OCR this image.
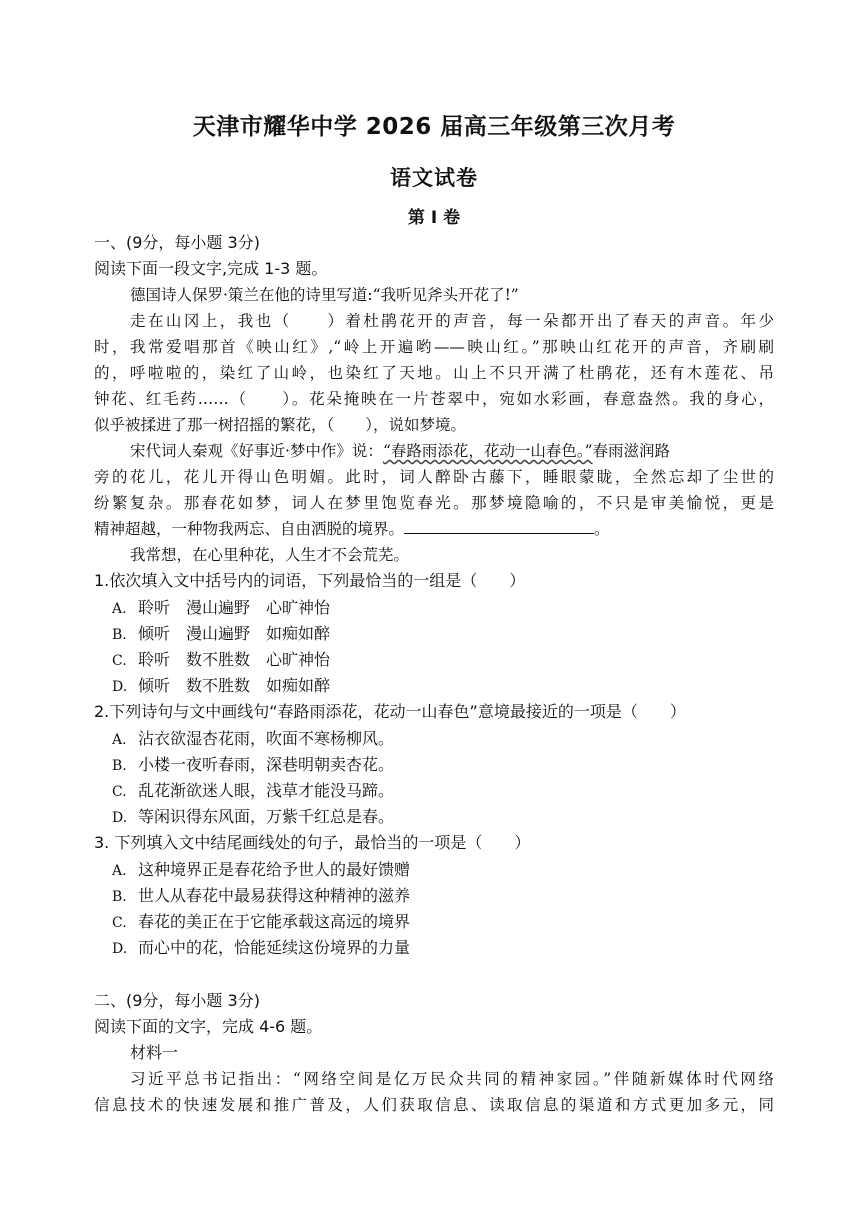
天津市耀华中学 2026 届高三年级第三次月考
语文试卷
第 I 卷
一、(9分，每小题 3分)
阅读下面一段文字,完成 1-3 题。
德国诗人保罗·策兰在他的诗里写道:“我听见斧头开花了!”
走在山冈上，我也（　　）着杜鹃花开的声音，每一朵都开出了春天的声音。年少
时，我常爱唱那首《映山红》,“岭上开遍哟——映山红。”那映山红花开的声音，齐刷刷
的，呼啦啦的，染红了山岭，也染红了天地。山上不只开满了杜鹃花，还有木莲花、吊
钟花、红毛药……（　　）。花朵掩映在一片苍翠中，宛如水彩画，春意盎然。我的身心，
似乎被揉进了那一树招摇的繁花，（　　），说如梦境。
宋代词人秦观《好事近·梦中作》说：“春路雨添花，花动一山春色。”春雨滋润路
旁的花儿，花儿开得山色明媚。此时，词人醉卧古藤下，睡眼蒙眬，全然忘却了尘世的
纷繁复杂。那春花如梦，词人在梦里饱览春光。那梦境隐喻的，不只是审美愉悦，更是
精神超越，一种物我两忘、自由洒脱的境界。	。
我常想，在心里种花，人生才不会荒芜。
1.依次填入文中括号内的词语，下列最恰当的一组是（　　）
A. 聆听　漫山遍野　心旷神怡
B. 倾听　漫山遍野　如痴如醉
C. 聆听　数不胜数　心旷神怡
D. 倾听　数不胜数　如痴如醉
2.下列诗句与文中画线句“春路雨添花，花动一山春色”意境最接近的一项是（　　）
A. 沾衣欲湿杏花雨，吹面不寒杨柳风。
B. 小楼一夜听春雨，深巷明朝卖杏花。
C. 乱花渐欲迷人眼，浅草才能没马蹄。
D. 等闲识得东风面，万紫千红总是春。
3. 下列填入文中结尾画线处的句子，最恰当的一项是（　　）
A. 这种境界正是春花给予世人的最好馈赠
B. 世人从春花中最易获得这种精神的滋养
C. 春花的美正在于它能承载这高远的境界
D. 而心中的花，恰能延续这份境界的力量
二、(9分，每小题 3分)
阅读下面的文字，完成 4-6 题。
材料一
习近平总书记指出：“网络空间是亿万民众共同的精神家园。”伴随新媒体时代网络
信息技术的快速发展和推广普及，人们获取信息、读取信息的渠道和方式更加多元，同
